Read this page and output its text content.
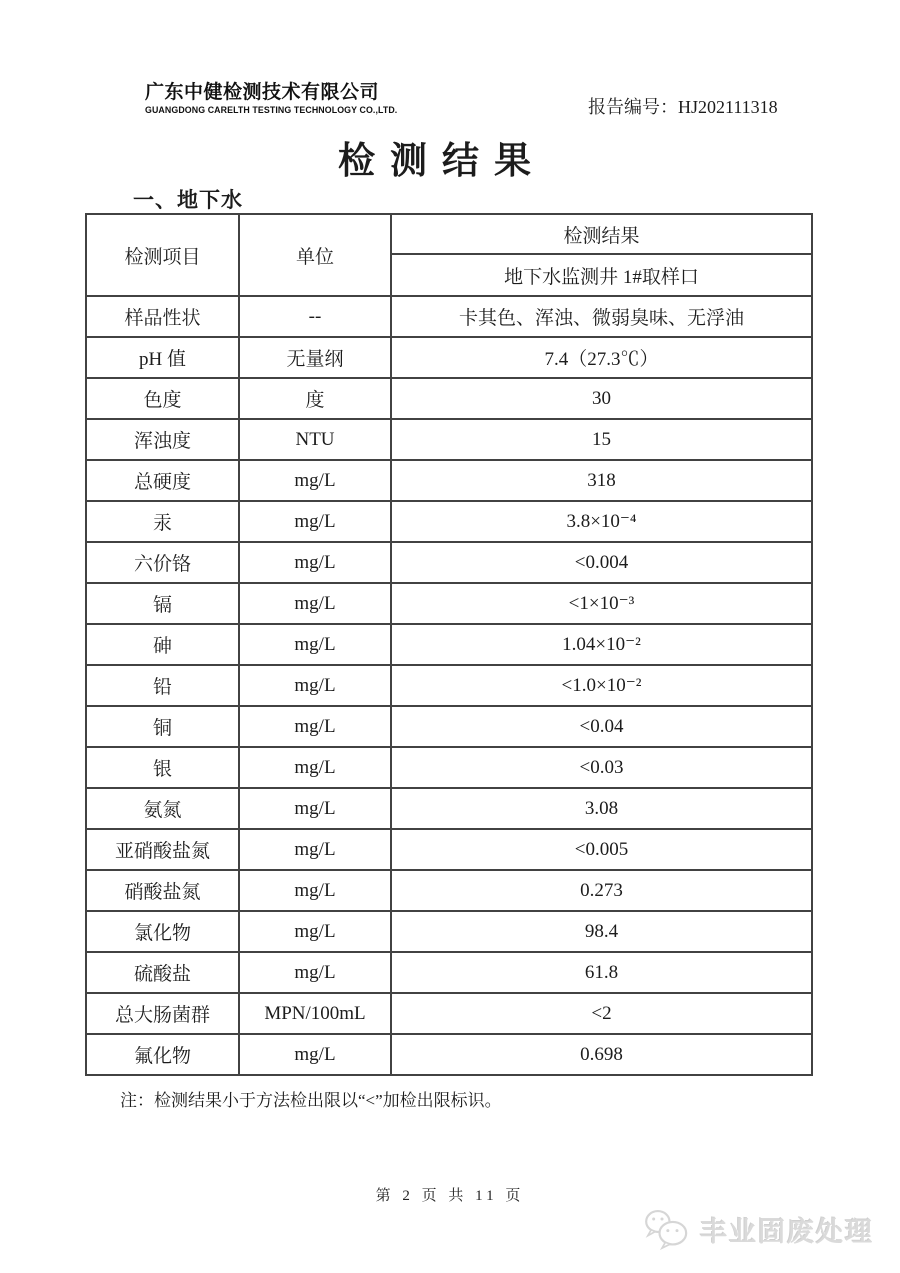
广东中健检测技术有限公司
GUANGDONG CARELTH TESTING TECHNOLOGY CO.,LTD.	报告编号：HJ202111318
检测结果
一、地下水
检测项目	单位	检测结果
		地下水监测井 1#取样口
样品性状	--	卡其色、浑浊、微弱臭味、无浮油
pH 值	无量纲	7.4（27.3℃）
色度	度	30
浑浊度	NTU	15
总硬度	mg/L	318
汞	mg/L	3.8×10⁻⁴
六价铬	mg/L	<0.004
镉	mg/L	<1×10⁻³
砷	mg/L	1.04×10⁻²
铅	mg/L	<1.0×10⁻²
铜	mg/L	<0.04
银	mg/L	<0.03
氨氮	mg/L	3.08
亚硝酸盐氮	mg/L	<0.005
硝酸盐氮	mg/L	0.273
氯化物	mg/L	98.4
硫酸盐	mg/L	61.8
总大肠菌群	MPN/100mL	<2
氟化物	mg/L	0.698
注：检测结果小于方法检出限以“<”加检出限标识。
第 2 页 共 11 页
丰业固废处理
